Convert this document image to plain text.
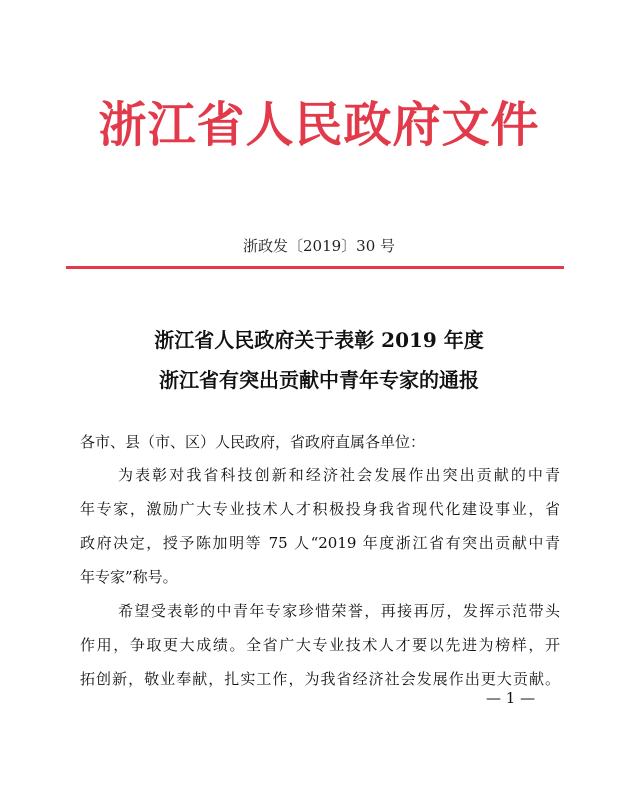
浙江省人民政府文件
浙政发〔2019〕30 号
浙江省人民政府关于表彰 2019 年度
浙江省有突出贡献中青年专家的通报
各市、县（市、区）人民政府，省政府直属各单位：
为表彰对我省科技创新和经济社会发展作出突出贡献的中青
年专家，激励广大专业技术人才积极投身我省现代化建设事业，省
政府决定，授予陈加明等 75 人“2019 年度浙江省有突出贡献中青
年专家”称号。
希望受表彰的中青年专家珍惜荣誉，再接再厉，发挥示范带头
作用，争取更大成绩。全省广大专业技术人才要以先进为榜样，开
拓创新，敬业奉献，扎实工作，为我省经济社会发展作出更大贡献。
— 1 —
